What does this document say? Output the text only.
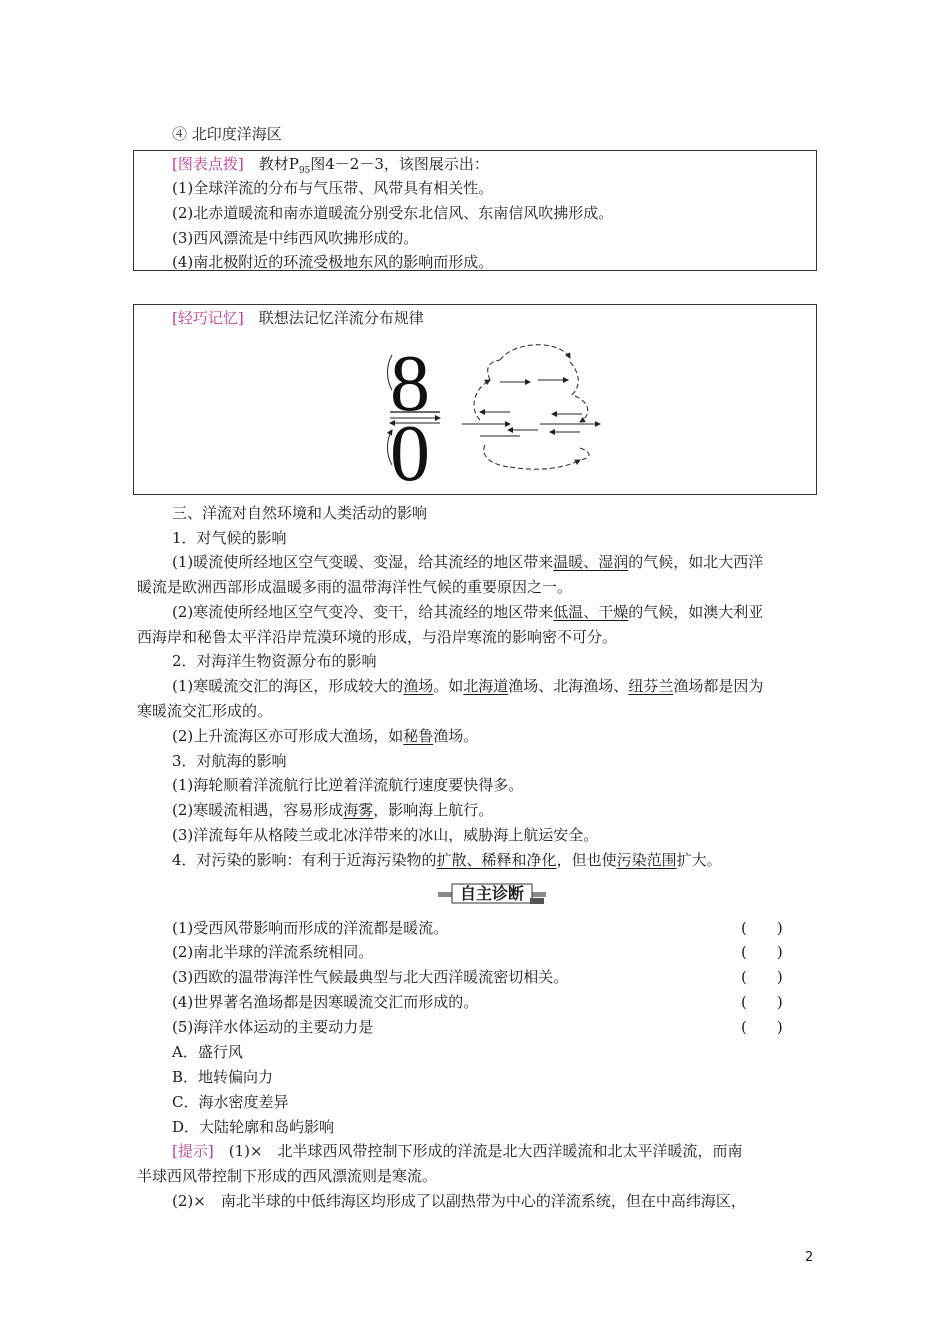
④ 北印度洋海区
[图表点拨]　教材$P_{95}$图4－2－3，该图展示出：
(1)全球洋流的分布与气压带、风带具有相关性。
(2)北赤道暖流和南赤道暖流分别受东北信风、东南信风吹拂形成。
(3)西风漂流是中纬西风吹拂形成的。
(4)南北极附近的环流受极地东风的影响而形成。
[轻巧记忆]　联想法记忆洋流分布规律
8
0
三、洋流对自然环境和人类活动的影响
1．对气候的影响
(1)暖流使所经地区空气变暖、变湿，给其流经的地区带来温暖、湿润的气候，如北大西洋
暖流是欧洲西部形成温暖多雨的温带海洋性气候的重要原因之一。
(2)寒流使所经地区空气变冷、变干，给其流经的地区带来低温、干燥的气候，如澳大利亚
西海岸和秘鲁太平洋沿岸荒漠环境的形成，与沿岸寒流的影响密不可分。
2．对海洋生物资源分布的影响
(1)寒暖流交汇的海区，形成较大的渔场。如北海道渔场、北海渔场、纽芬兰渔场都是因为
寒暖流交汇形成的。
(2)上升流海区亦可形成大渔场，如秘鲁渔场。
3．对航海的影响
(1)海轮顺着洋流航行比逆着洋流航行速度要快得多。
(2)寒暖流相遇，容易形成海雾，影响海上航行。
(3)洋流每年从格陵兰或北冰洋带来的冰山，威胁海上航运安全。
4．对污染的影响：有利于近海污染物的扩散、稀释和净化，但也使污染范围扩大。
自主诊断
(1)受西风带影响而形成的洋流都是暖流。	(　　)
(2)南北半球的洋流系统相同。	(　　)
(3)西欧的温带海洋性气候最典型与北大西洋暖流密切相关。	(　　)
(4)世界著名渔场都是因寒暖流交汇而形成的。	(　　)
(5)海洋水体运动的主要动力是	(　　)
A．盛行风
B．地转偏向力
C．海水密度差异
D．大陆轮廓和岛屿影响
[提示]　(1)×　北半球西风带控制下形成的洋流是北大西洋暖流和北太平洋暖流，而南
半球西风带控制下形成的西风漂流则是寒流。
(2)×　南北半球的中低纬海区均形成了以副热带为中心的洋流系统，但在中高纬海区，
2
